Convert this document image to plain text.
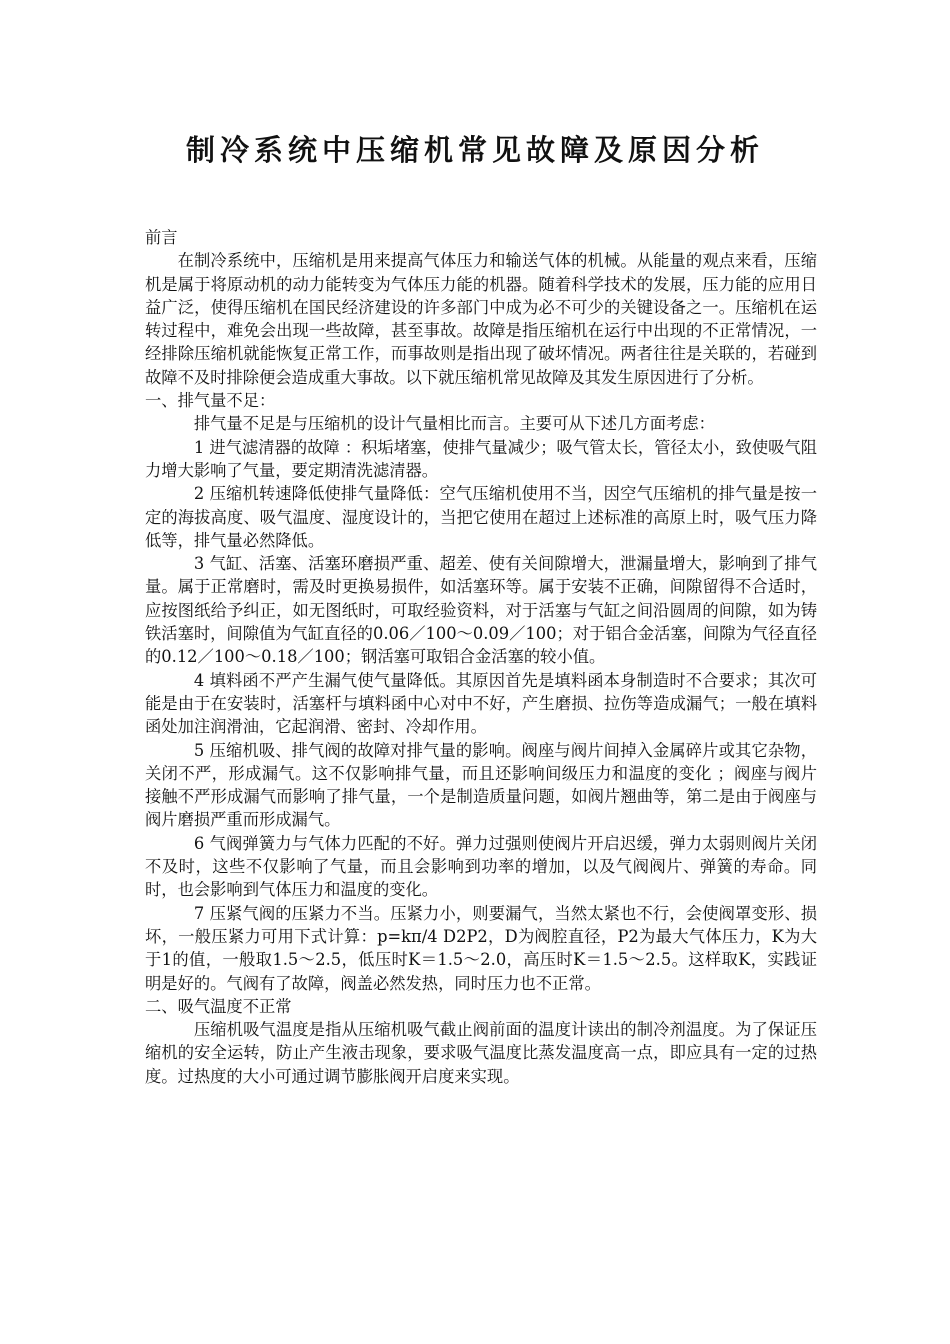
制冷系统中压缩机常见故障及原因分析

前言

在制冷系统中，压缩机是用来提高气体压力和输送气体的机械。从能量的观点来看，压缩机是属于将原动机的动力能转变为气体压力能的机器。随着科学技术的发展，压力能的应用日益广泛，使得压缩机在国民经济建设的许多部门中成为必不可少的关键设备之一。压缩机在运转过程中，难免会出现一些故障，甚至事故。故障是指压缩机在运行中出现的不正常情况，一经排除压缩机就能恢复正常工作，而事故则是指出现了破坏情况。两者往往是关联的，若碰到故障不及时排除便会造成重大事故。以下就压缩机常见故障及其发生原因进行了分析。

一、排气量不足：

排气量不足是与压缩机的设计气量相比而言。主要可从下述几方面考虑：

1 进气滤清器的故障 ：积垢堵塞，使排气量减少；吸气管太长，管径太小，致使吸气阻力增大影响了气量，要定期清洗滤清器。

2 压缩机转速降低使排气量降低：空气压缩机使用不当，因空气压缩机的排气量是按一定的海拔高度、吸气温度、湿度设计的，当把它使用在超过上述标准的高原上时，吸气压力降低等，排气量必然降低。

3 气缸、活塞、活塞环磨损严重、超差、使有关间隙增大，泄漏量增大，影响到了排气量。属于正常磨时，需及时更换易损件，如活塞环等。属于安装不正确，间隙留得不合适时，应按图纸给予纠正，如无图纸时，可取经验资料，对于活塞与气缸之间沿圆周的间隙，如为铸铁活塞时，间隙值为气缸直径的0.06／100～0.09／100；对于铝合金活塞，间隙为气径直径的0.12／100～0.18／100；钢活塞可取铝合金活塞的较小值。

4 填料函不严产生漏气使气量降低。其原因首先是填料函本身制造时不合要求；其次可能是由于在安装时，活塞杆与填料函中心对中不好，产生磨损、拉伤等造成漏气；一般在填料函处加注润滑油，它起润滑、密封、冷却作用。

5 压缩机吸、排气阀的故障对排气量的影响。阀座与阀片间掉入金属碎片或其它杂物，关闭不严，形成漏气。这不仅影响排气量，而且还影响间级压力和温度的变化 ；阀座与阀片接触不严形成漏气而影响了排气量，一个是制造质量问题，如阀片翘曲等，第二是由于阀座与阀片磨损严重而形成漏气。

6 气阀弹簧力与气体力匹配的不好。弹力过强则使阀片开启迟缓，弹力太弱则阀片关闭不及时，这些不仅影响了气量，而且会影响到功率的增加，以及气阀阀片、弹簧的寿命。同时，也会影响到气体压力和温度的变化。

7 压紧气阀的压紧力不当。压紧力小，则要漏气，当然太紧也不行，会使阀罩变形、损坏，一般压紧力可用下式计算：p=kπ/4 D2P2，D为阀腔直径，P2为最大气体压力，K为大于1的值，一般取1.5～2.5，低压时K＝1.5～2.0，高压时K＝1.5～2.5。这样取K，实践证明是好的。气阀有了故障，阀盖必然发热，同时压力也不正常。

二、吸气温度不正常

压缩机吸气温度是指从压缩机吸气截止阀前面的温度计读出的制冷剂温度。为了保证压缩机的安全运转，防止产生液击现象，要求吸气温度比蒸发温度高一点，即应具有一定的过热度。过热度的大小可通过调节膨胀阀开启度来实现。
